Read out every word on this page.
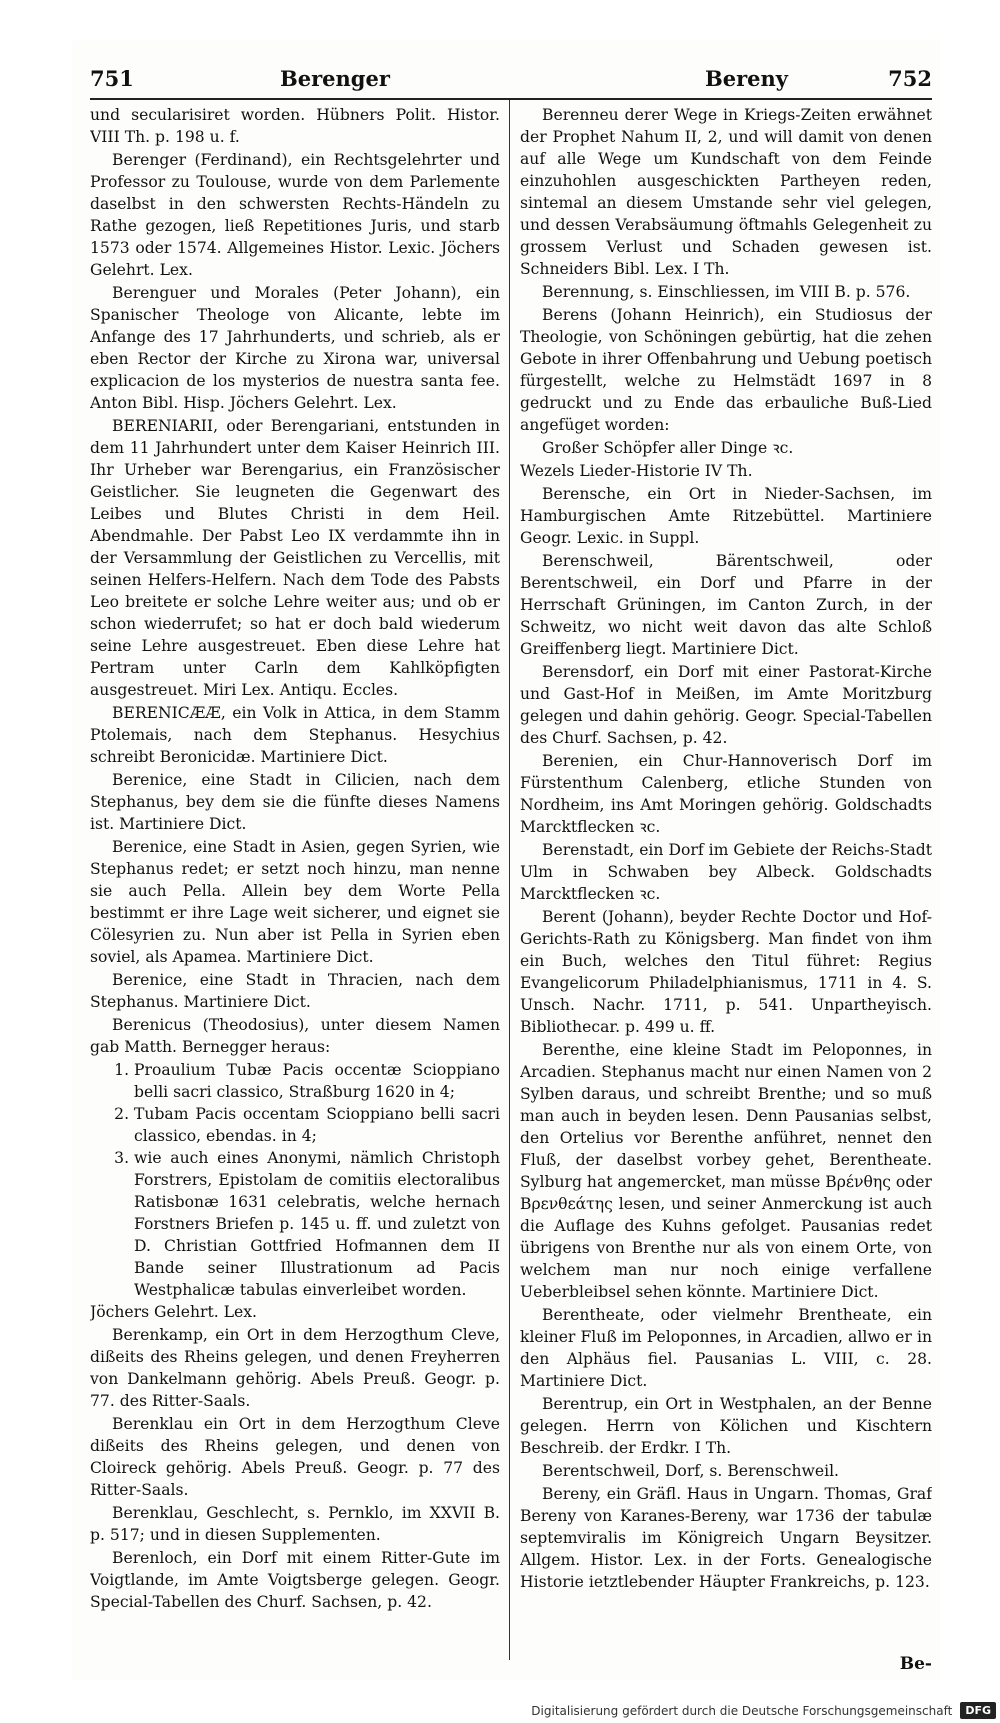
751	Berenger	Bereny	752

und secularisiret worden. Hübners Polit. Histor. VIII Th. p. 198 u. f.

Berenger (Ferdinand), ein Rechtsgelehrter und Professor zu Toulouse, wurde von dem Parlemente daselbst in den schwersten Rechts-Händeln zu Rathe gezogen, ließ Repetitiones Juris, und starb 1573 oder 1574. Allgemeines Histor. Lexic. Jöchers Gelehrt. Lex.

Berenguer und Morales (Peter Johann), ein Spanischer Theologe von Alicante, lebte im Anfange des 17 Jahrhunderts, und schrieb, als er eben Rector der Kirche zu Xirona war, universal explicacion de los mysterios de nuestra santa fee. Anton Bibl. Hisp. Jöchers Gelehrt. Lex.

BERENIARII, oder Berengariani, entstunden in dem 11 Jahrhundert unter dem Kaiser Heinrich III. Ihr Urheber war Berengarius, ein Französischer Geistlicher. Sie leugneten die Gegenwart des Leibes und Blutes Christi in dem Heil. Abendmahle. Der Pabst Leo IX verdammte ihn in der Versammlung der Geistlichen zu Vercellis, mit seinen Helfers-Helfern. Nach dem Tode des Pabsts Leo breitete er solche Lehre weiter aus; und ob er schon wiederrufet; so hat er doch bald wiederum seine Lehre ausgestreuet. Eben diese Lehre hat Pertram unter Carln dem Kahlköpfigten ausgestreuet. Miri Lex. Antiqu. Eccles.

BERENICÆÆ, ein Volk in Attica, in dem Stamm Ptolemais, nach dem Stephanus. Hesychius schreibt Beronicidæ. Martiniere Dict.

Berenice, eine Stadt in Cilicien, nach dem Stephanus, bey dem sie die fünfte dieses Namens ist. Martiniere Dict.

Berenice, eine Stadt in Asien, gegen Syrien, wie Stephanus redet; er setzt noch hinzu, man nenne sie auch Pella. Allein bey dem Worte Pella bestimmt er ihre Lage weit sicherer, und eignet sie Cölesyrien zu. Nun aber ist Pella in Syrien eben soviel, als Apamea. Martiniere Dict.

Berenice, eine Stadt in Thracien, nach dem Stephanus. Martiniere Dict.

Berenicus (Theodosius), unter diesem Namen gab Matth. Bernegger heraus:

1. Proaulium Tubæ Pacis occentæ Scioppiano belli sacri classico, Straßburg 1620 in 4;
2. Tubam Pacis occentam Scioppiano belli sacri classico, ebendas. in 4;
3. wie auch eines Anonymi, nämlich Christoph Forstrers, Epistolam de comitiis electoralibus Ratisbonæ 1631 celebratis, welche hernach Forstners Briefen p. 145 u. ff. und zuletzt von D. Christian Gottfried Hofmannen dem II Bande seiner Illustrationum ad Pacis Westphalicæ tabulas einverleibet worden.

Jöchers Gelehrt. Lex.

Berenkamp, ein Ort in dem Herzogthum Cleve, dißeits des Rheins gelegen, und denen Freyherren von Dankelmann gehörig. Abels Preuß. Geogr. p. 77. des Ritter-Saals.

Berenklau ein Ort in dem Herzogthum Cleve dißeits des Rheins gelegen, und denen von Cloireck gehörig. Abels Preuß. Geogr. p. 77 des Ritter-Saals.

Berenklau, Geschlecht, s. Pernklo, im XXVII B. p. 517; und in diesen Supplementen.

Berenloch, ein Dorf mit einem Ritter-Gute im Voigtlande, im Amte Voigtsberge gelegen. Geogr. Special-Tabellen des Churf. Sachsen, p. 42.

Berenneu derer Wege in Kriegs-Zeiten erwähnet der Prophet Nahum II, 2, und will damit von denen auf alle Wege um Kundschaft von dem Feinde einzuhohlen ausgeschickten Partheyen reden, sintemal an diesem Umstande sehr viel gelegen, und dessen Verabsäumung öftmahls Gelegenheit zu grossem Verlust und Schaden gewesen ist. Schneiders Bibl. Lex. I Th.

Berennung, s. Einschliessen, im VIII B. p. 576.

Berens (Johann Heinrich), ein Studiosus der Theologie, von Schöningen gebürtig, hat die zehen Gebote in ihrer Offenbahrung und Uebung poetisch fürgestellt, welche zu Helmstädt 1697 in 8 gedruckt und zu Ende das erbauliche Buß-Lied angefüget worden:

Großer Schöpfer aller Dinge ꝛc.

Wezels Lieder-Historie IV Th.

Berensche, ein Ort in Nieder-Sachsen, im Hamburgischen Amte Ritzebüttel. Martiniere Geogr. Lexic. in Suppl.

Berenschweil, Bärentschweil, oder Berentschweil, ein Dorf und Pfarre in der Herrschaft Grüningen, im Canton Zurch, in der Schweitz, wo nicht weit davon das alte Schloß Greiffenberg liegt. Martiniere Dict.

Berensdorf, ein Dorf mit einer Pastorat-Kirche und Gast-Hof in Meißen, im Amte Moritzburg gelegen und dahin gehörig. Geogr. Special-Tabellen des Churf. Sachsen, p. 42.

Berenien, ein Chur-Hannoverisch Dorf im Fürstenthum Calenberg, etliche Stunden von Nordheim, ins Amt Moringen gehörig. Goldschadts Marcktflecken ꝛc.

Berenstadt, ein Dorf im Gebiete der Reichs-Stadt Ulm in Schwaben bey Albeck. Goldschadts Marcktflecken ꝛc.

Berent (Johann), beyder Rechte Doctor und Hof-Gerichts-Rath zu Königsberg. Man findet von ihm ein Buch, welches den Titul führet: Regius Evangelicorum Philadelphianismus, 1711 in 4. S. Unsch. Nachr. 1711, p. 541. Unpartheyisch. Bibliothecar. p. 499 u. ff.

Berenthe, eine kleine Stadt im Peloponnes, in Arcadien. Stephanus macht nur einen Namen von 2 Sylben daraus, und schreibt Brenthe; und so muß man auch in beyden lesen. Denn Pausanias selbst, den Ortelius vor Berenthe anführet, nennet den Fluß, der daselbst vorbey gehet, Berentheate. Sylburg hat angemercket, man müsse Βρένθης oder Βρενθεάτης lesen, und seiner Anmerckung ist auch die Auflage des Kuhns gefolget. Pausanias redet übrigens von Brenthe nur als von einem Orte, von welchem man nur noch einige verfallene Ueberbleibsel sehen könnte. Martiniere Dict.

Berentheate, oder vielmehr Brentheate, ein kleiner Fluß im Peloponnes, in Arcadien, allwo er in den Alphäus fiel. Pausanias L. VIII, c. 28. Martiniere Dict.

Berentrup, ein Ort in Westphalen, an der Benne gelegen. Herrn von Kölichen und Kischtern Beschreib. der Erdkr. I Th.

Berentschweil, Dorf, s. Berenschweil.

Bereny, ein Gräfl. Haus in Ungarn. Thomas, Graf Bereny von Karanes-Bereny, war 1736 der tabulæ septemviralis im Königreich Ungarn Beysitzer. Allgem. Histor. Lex. in der Forts. Genealogische Historie ietztlebender Häupter Frankreichs, p. 123.

Be-
Digitalisierung gefördert durch die Deutsche Forschungsgemeinschaft	DFG
